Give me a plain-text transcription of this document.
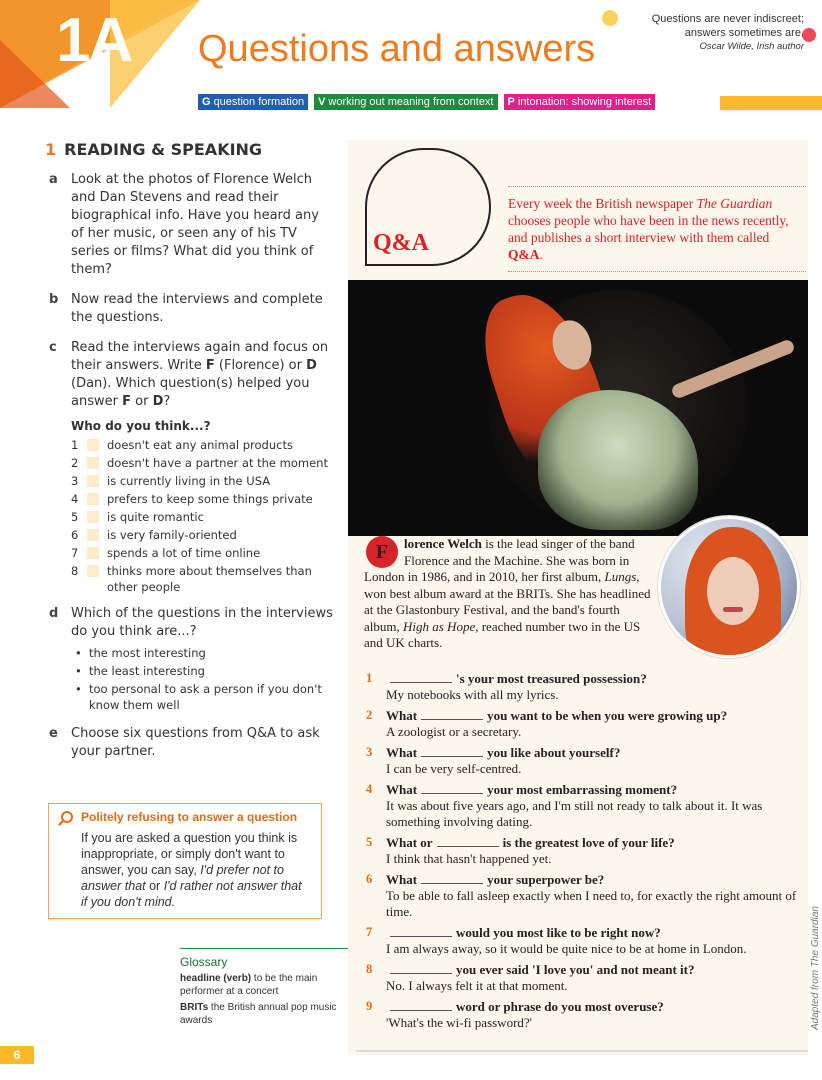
1A Questions and answers
Questions are never indiscreet;
answers sometimes are.
Oscar Wilde, Irish author
G question formation	V working out meaning from context	P intonation: showing interest
1 READING & SPEAKING
a Look at the photos of Florence Welch and Dan Stevens and read their biographical info. Have you heard any of her music, or seen any of his TV series or films? What did you think of them?
b Now read the interviews and complete the questions.
c Read the interviews again and focus on their answers. Write F (Florence) or D (Dan). Which question(s) helped you answer F or D?
Who do you think...?
1 doesn't eat any animal products
2 doesn't have a partner at the moment
3 is currently living in the USA
4 prefers to keep some things private
5 is quite romantic
6 is very family-oriented
7 spends a lot of time online
8 thinks more about themselves than other people
d Which of the questions in the interviews do you think are...?
• the most interesting
• the least interesting
• too personal to ask a person if you don't know them well
e Choose six questions from Q&A to ask your partner.
Politely refusing to answer a question
If you are asked a question you think is inappropriate, or simply don't want to answer, you can say, I'd prefer not to answer that or I'd rather not answer that if you don't mind.
Glossary
headline (verb) to be the main performer at a concert
BRITs the British annual pop music awards
6
Q&A
Every week the British newspaper The Guardian chooses people who have been in the news recently, and publishes a short interview with them called Q&A.
F	lorence Welch is the lead singer of the band Florence and the Machine. She was born in London in 1986, and in 2010, her first album, Lungs, won best album award at the BRITs. She has headlined at the Glastonbury Festival, and the band's fourth album, High as Hope, reached number two in the US and UK charts.
1	's your most treasured possession?
My notebooks with all my lyrics.
2 What	you want to be when you were growing up?
A zoologist or a secretary.
3 What	you like about yourself?
I can be very self-centred.
4 What	your most embarrassing moment?
It was about five years ago, and I'm still not ready to talk about it. It was something involving dating.
5 What or	is the greatest love of your life?
I think that hasn't happened yet.
6 What	your superpower be?
To be able to fall asleep exactly when I need to, for exactly the right amount of time.
7	would you most like to be right now?
I am always away, so it would be quite nice to be at home in London.
8	you ever said 'I love you' and not meant it?
No. I always felt it at that moment.
9	word or phrase do you most overuse?
'What's the wi-fi password?'	Adapted from The Guardian
